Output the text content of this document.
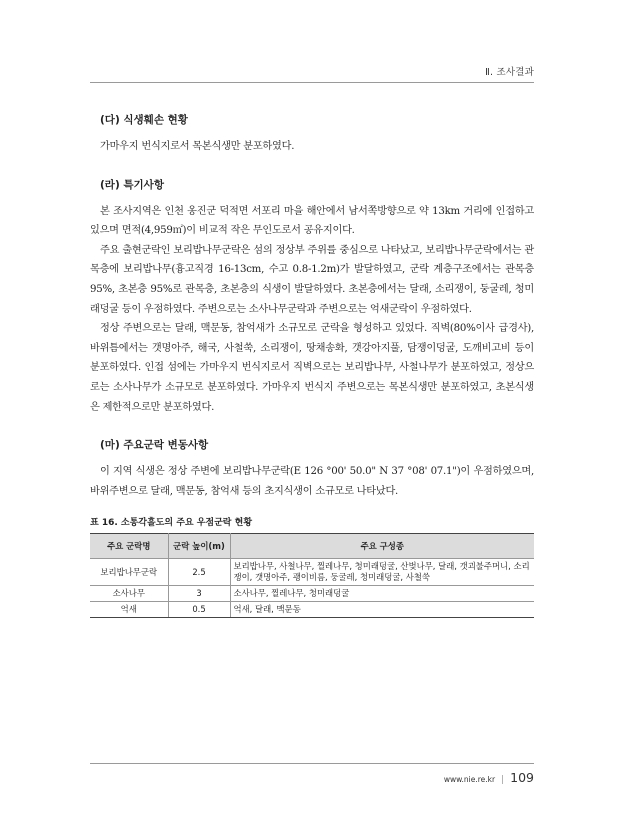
Ⅱ. 조사결과
(다) 식생훼손 현황

가마우지 번식지로서 목본식생만 분포하였다.

(라) 특기사항

본 조사지역은 인천 옹진군 덕적면 서포리 마을 해안에서 남서쪽방향으로 약 13km 거리에 인접하고 있으며 면적(4,959㎡)이 비교적 작은 무인도로서 공유지이다.

주요 출현군락인 보리밥나무군락은 섬의 정상부 주위를 중심으로 나타났고, 보리밥나무군락에서는 관목층에 보리밥나무(흉고직경 16-13cm, 수고 0.8-1.2m)가 발달하였고, 군락 계층구조에서는 관목층 95%, 초본층 95%로 관목층, 초본층의 식생이 발달하였다. 초본층에서는 달래, 소리쟁이, 둥굴레, 청미래덩굴 등이 우점하였다. 주변으로는 소사나무군락과 주변으로는 억새군락이 우점하였다.

정상 주변으로는 달래, 맥문동, 참억새가 소규모로 군락을 형성하고 있었다. 직벽(80%이사 급경사), 바위틈에서는 갯명아주, 해국, 사철쑥, 소리쟁이, 땅채송화, 갯강아지풀, 담쟁이덩굴, 도깨비고비 등이 분포하였다. 인접 섬에는 가마우지 번식지로서 직벽으로는 보리밥나무, 사철나무가 분포하였고, 정상으로는 소사나무가 소규모로 분포하였다. 가마우지 번식지 주변으로는 목본식생만 분포하였고, 초본식생은 제한적으로만 분포하였다.

(마) 주요군락 변동사항

이 지역 식생은 정상 주변에 보리밥나무군락(E 126 °00' 50.0" N 37 °08' 07.1")이 우점하였으며, 바위주변으로 달래, 맥문동, 참억새 등의 초지식생이 소규모로 나타났다.

표 16. 소통각흘도의 주요 우점군락 현황
주요 군락명	군락 높이(m)	주요 구성종
보리밥나무군락	2.5	보리밥나무, 사철나무, 찔레나무, 청미래덩굴, 산벚나무, 달래, 갯괴불주머니, 소리쟁이, 갯명아주, 괭이비름, 둥굴레, 청미래덩굴, 사철쑥
소사나무	3	소사나무, 찔레나무, 청미래덩굴
억새	0.5	억새, 달래, 맥문동
www.nie.re.kr | 109
